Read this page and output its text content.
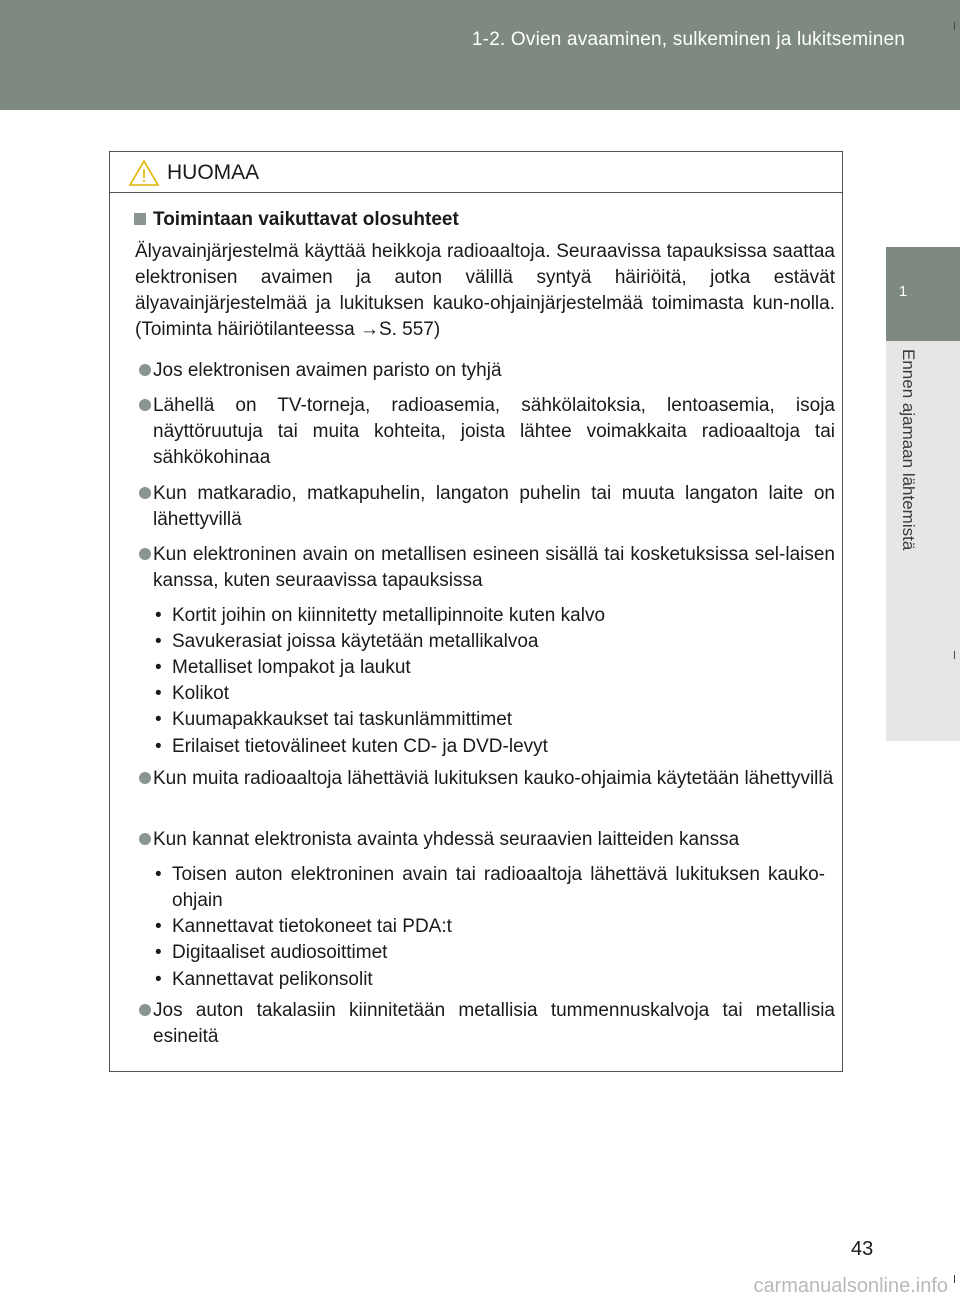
1-2. Ovien avaaminen, sulkeminen ja lukitseminen
1
Ennen ajamaan lähtemistä
HUOMAA
Toimintaan vaikuttavat olosuhteet
Älyavainjärjestelmä käyttää heikkoja radioaaltoja. Seuraavissa tapauksissa saattaa elektronisen avaimen ja auton välillä syntyä häiriöitä, jotka estävät älyavainjärjestelmää ja lukituksen kauko-ohjainjärjestelmää toimimasta kun-nolla. (Toiminta häiriötilanteessa →S. 557)
Jos elektronisen avaimen paristo on tyhjä
Lähellä on TV-torneja, radioasemia, sähkölaitoksia, lentoasemia, isoja näyttöruutuja tai muita kohteita, joista lähtee voimakkaita radioaaltoja tai sähkökohinaa
Kun matkaradio, matkapuhelin, langaton puhelin tai muuta langaton laite on lähettyvillä
Kun elektroninen avain on metallisen esineen sisällä tai kosketuksissa sel-laisen kanssa, kuten seuraavissa tapauksissa
• Kortit joihin on kiinnitetty metallipinnoite kuten kalvo
• Savukerasiat joissa käytetään metallikalvoa
• Metalliset lompakot ja laukut
• Kolikot
• Kuumapakkaukset tai taskunlämmittimet
• Erilaiset tietovälineet kuten CD- ja DVD-levyt
Kun muita radioaaltoja lähettäviä lukituksen kauko-ohjaimia käytetään lähettyvillä
Kun kannat elektronista avainta yhdessä seuraavien laitteiden kanssa
• Toisen auton elektroninen avain tai radioaaltoja lähettävä lukituksen kauko-ohjain
• Kannettavat tietokoneet tai PDA:t
• Digitaaliset audiosoittimet
• Kannettavat pelikonsolit
Jos auton takalasiin kiinnitetään metallisia tummennuskalvoja tai metallisia esineitä
43
carmanualsonline.info
